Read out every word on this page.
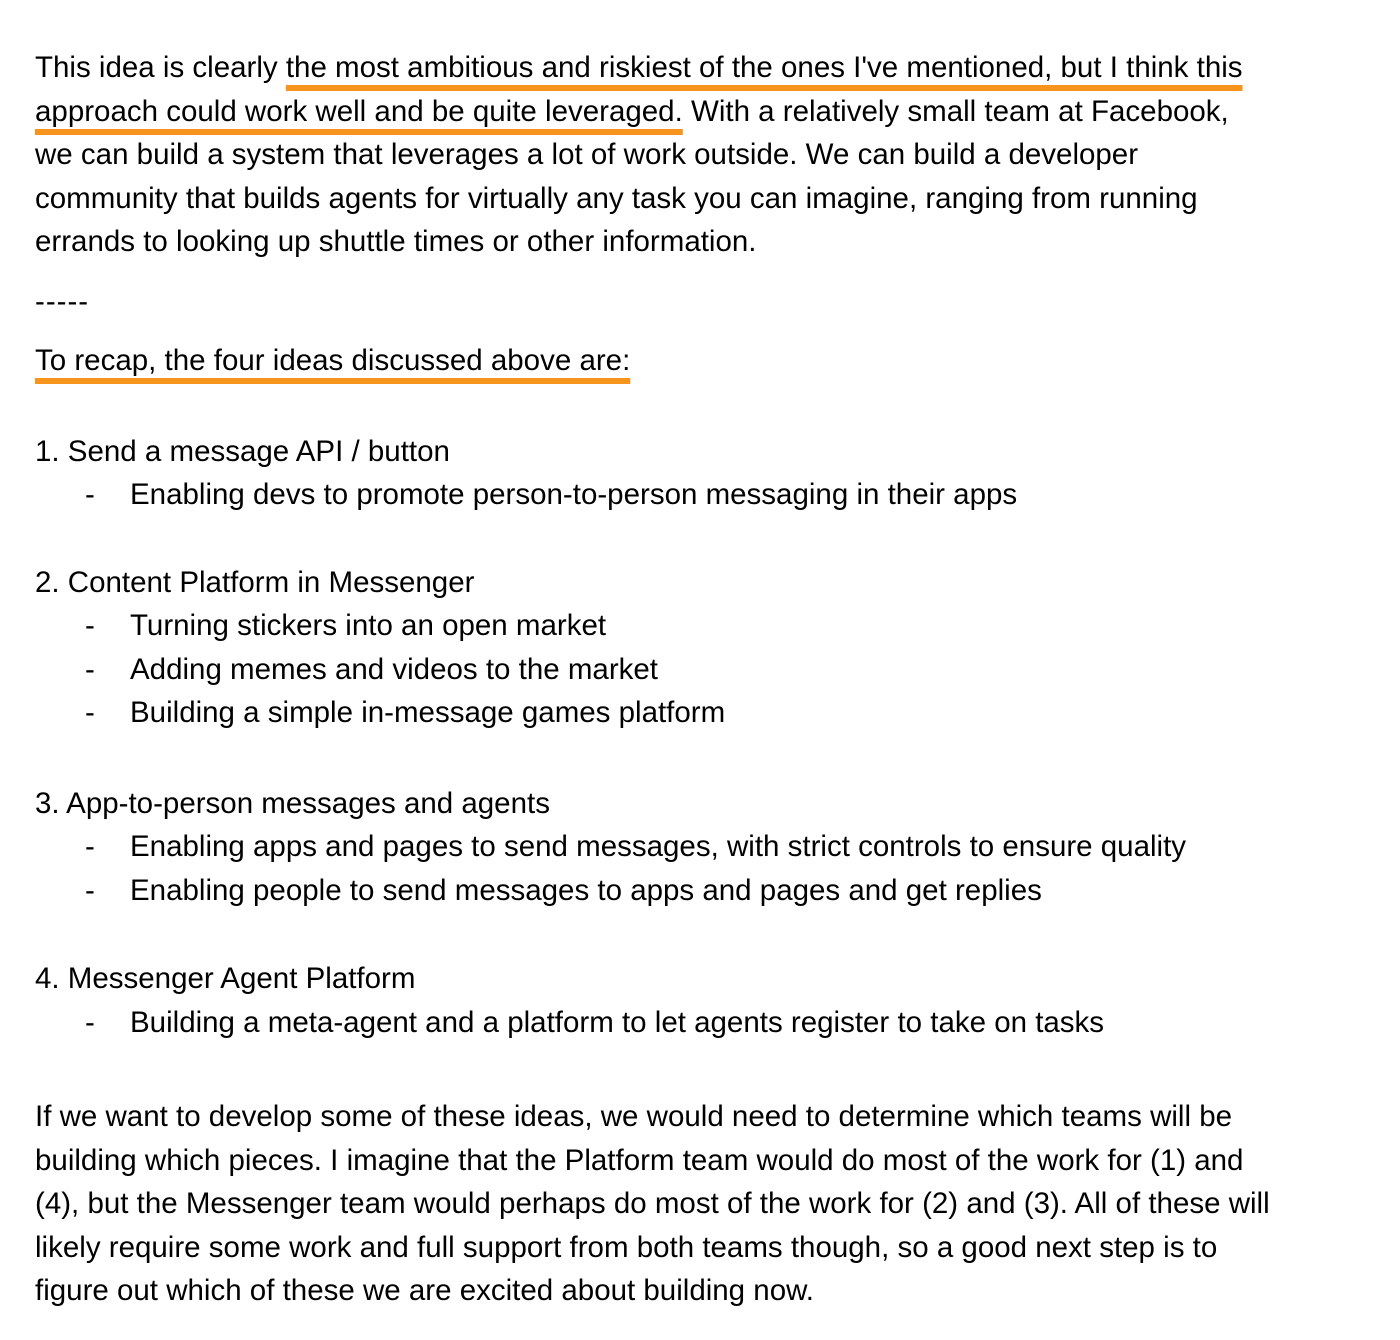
This idea is clearly the most ambitious and riskiest of the ones I've mentioned, but I think this
approach could work well and be quite leveraged. With a relatively small team at Facebook,
we can build a system that leverages a lot of work outside. We can build a developer
community that builds agents for virtually any task you can imagine, ranging from running
errands to looking up shuttle times or other information.
-----
To recap, the four ideas discussed above are:
1. Send a message API / button
- Enabling devs to promote person-to-person messaging in their apps
2. Content Platform in Messenger
- Turning stickers into an open market
- Adding memes and videos to the market
- Building a simple in-message games platform
3. App-to-person messages and agents
- Enabling apps and pages to send messages, with strict controls to ensure quality
- Enabling people to send messages to apps and pages and get replies
4. Messenger Agent Platform
- Building a meta-agent and a platform to let agents register to take on tasks
If we want to develop some of these ideas, we would need to determine which teams will be
building which pieces. I imagine that the Platform team would do most of the work for (1) and
(4), but the Messenger team would perhaps do most of the work for (2) and (3). All of these will
likely require some work and full support from both teams though, so a good next step is to
figure out which of these we are excited about building now.
